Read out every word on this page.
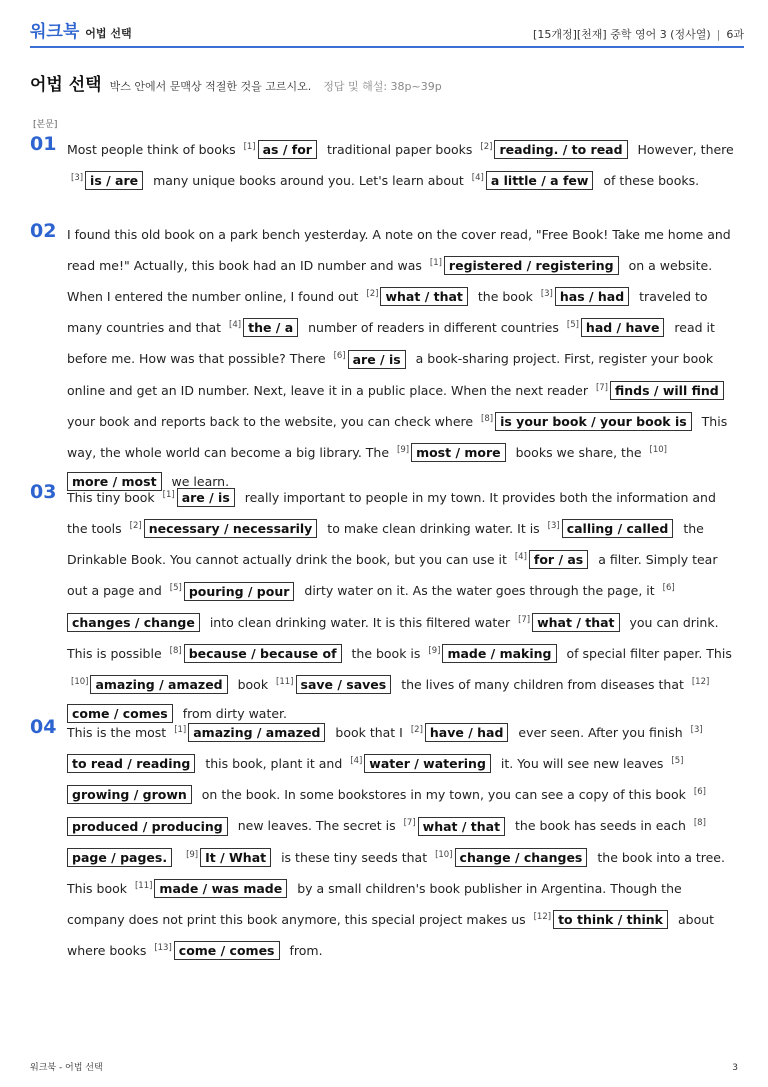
워크북 어법 선택	[15개정][천재] 중학 영어 3 (정사열) | 6과
어법 선택 박스 안에서 문맥상 적절한 것을 고르시오. 정답 및 해설: 38p~39p
[본문]
01 Most people think of books [1] as / for traditional paper books [2] reading. / to read However, there [3] is / are many unique books around you. Let's learn about [4] a little / a few of these books.
02 I found this old book on a park bench yesterday. A note on the cover read, "Free Book! Take me home and read me!" Actually, this book had an ID number and was [1] registered / registering on a website. When I entered the number online, I found out [2] what / that the book [3] has / had traveled to many countries and that [4] the / a number of readers in different countries [5] had / have read it before me. How was that possible? There [6] are / is a book-sharing project. First, register your book online and get an ID number. Next, leave it in a public place. When the next reader [7] finds / will find your book and reports back to the website, you can check where [8] is your book / your book is This way, the whole world can become a big library. The [9] most / more books we share, the [10]more / most we learn.
03 This tiny book [1] are / is really important to people in my town. It provides both the information and the tools [2] necessary / necessarily to make clean drinking water. It is [3] calling / called the Drinkable Book. You cannot actually drink the book, but you can use it [4] for / as a filter. Simply tear out a page and [5] pouring / pour dirty water on it. As the water goes through the page, it [6]changes / change into clean drinking water. It is this filtered water [7] what / that you can drink. This is possible [8] because / because of the book is [9] made / making of special filter paper. This [10] amazing / amazed book [11] save / saves the lives of many children from diseases that [12]come / comes from dirty water.
04 This is the most [1] amazing / amazed book that I [2] have / had ever seen. After you finish [3]to read / reading this book, plant it and [4] water / watering it. You will see new leaves [5]growing / grown on the book. In some bookstores in my town, you can see a copy of this book [6]produced / producing new leaves. The secret is [7] what / that the book has seeds in each [8]page / pages. [9] It / What is these tiny seeds that [10] change / changes the book into a tree. This book [11] made / was made by a small children's book publisher in Argentina. Though the company does not print this book anymore, this special project makes us [12] to think / think about where books [13] come / comes from.
워크북 - 어법 선택	3
